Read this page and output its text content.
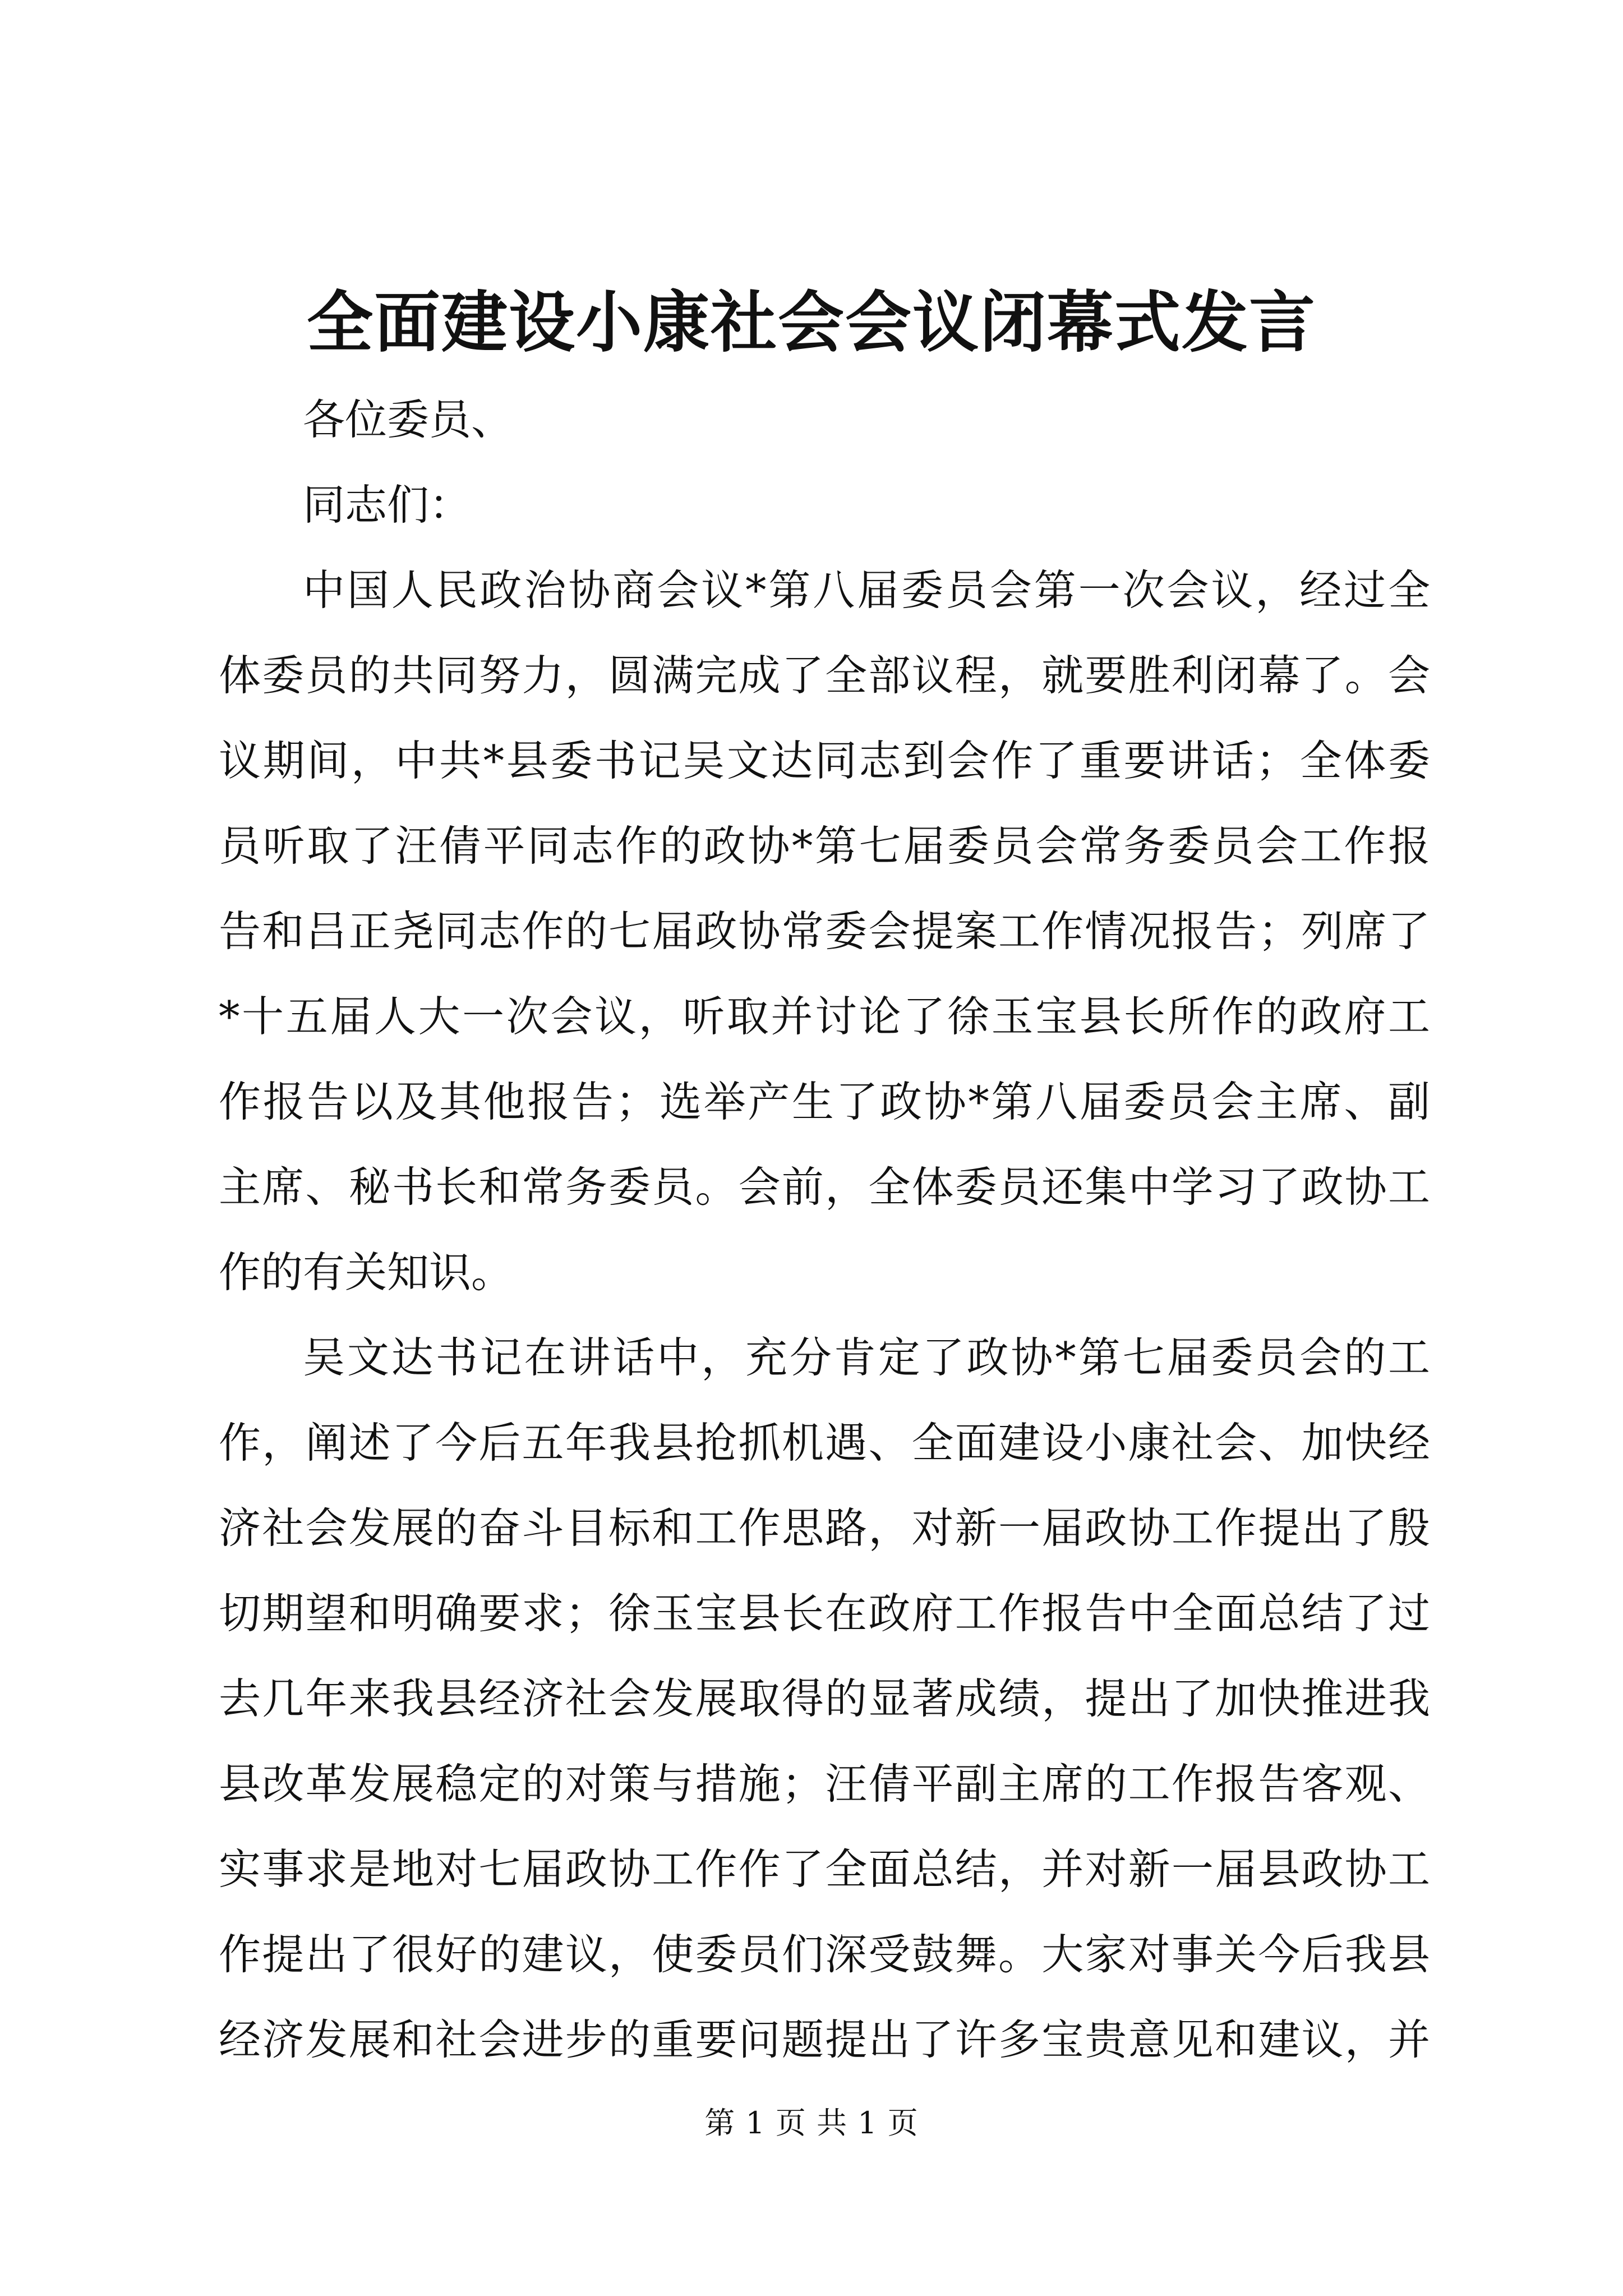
全面建设小康社会会议闭幕式发言
各位委员、
同志们：
中国人民政治协商会议*第八届委员会第一次会议，经过全
体委员的共同努力，圆满完成了全部议程，就要胜利闭幕了。会
议期间，中共*县委书记吴文达同志到会作了重要讲话；全体委
员听取了汪倩平同志作的政协*第七届委员会常务委员会工作报
告和吕正尧同志作的七届政协常委会提案工作情况报告；列席了
*十五届人大一次会议，听取并讨论了徐玉宝县长所作的政府工
作报告以及其他报告；选举产生了政协*第八届委员会主席、副
主席、秘书长和常务委员。会前，全体委员还集中学习了政协工
作的有关知识。
吴文达书记在讲话中，充分肯定了政协*第七届委员会的工
作，阐述了今后五年我县抢抓机遇、全面建设小康社会、加快经
济社会发展的奋斗目标和工作思路，对新一届政协工作提出了殷
切期望和明确要求；徐玉宝县长在政府工作报告中全面总结了过
去几年来我县经济社会发展取得的显著成绩，提出了加快推进我
县改革发展稳定的对策与措施；汪倩平副主席的工作报告客观、
实事求是地对七届政协工作作了全面总结，并对新一届县政协工
作提出了很好的建议，使委员们深受鼓舞。大家对事关今后我县
经济发展和社会进步的重要问题提出了许多宝贵意见和建议，并
第 1 页 共 1 页
